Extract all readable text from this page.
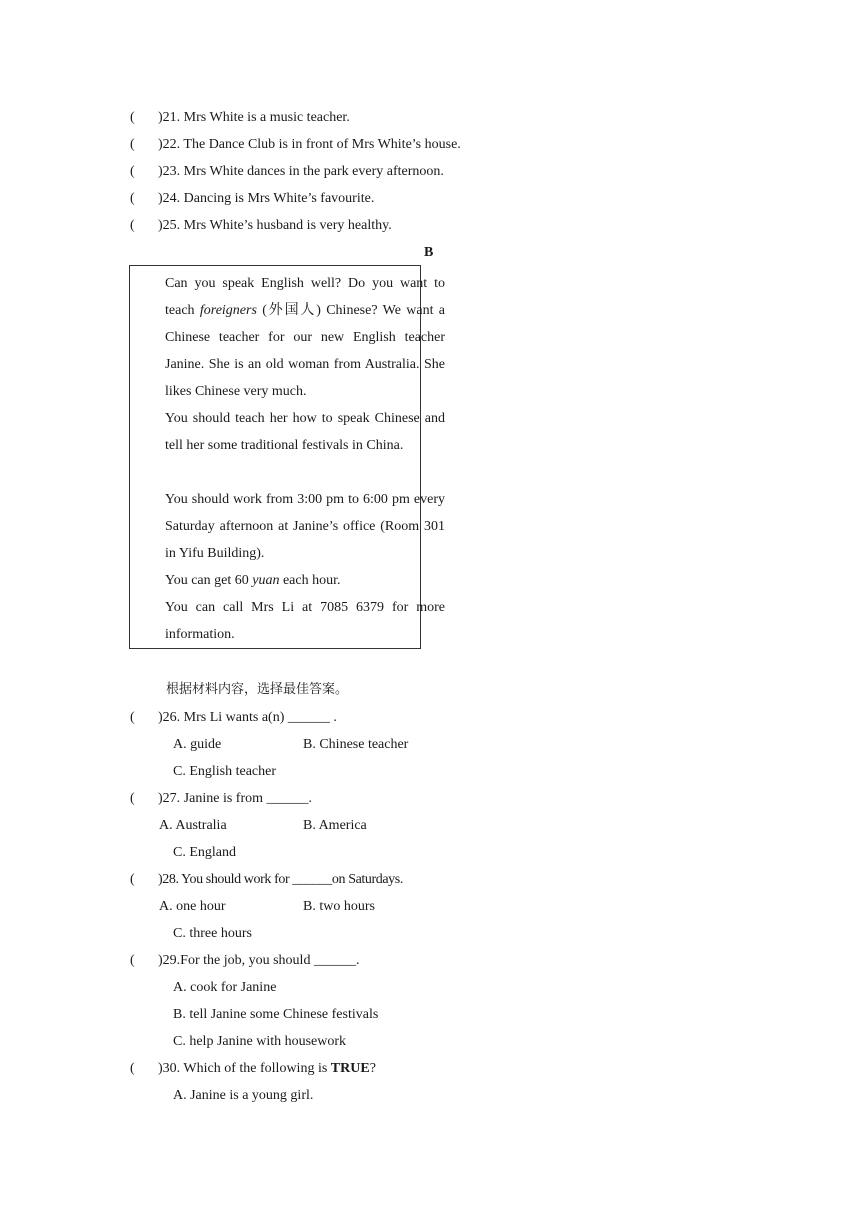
( )21. Mrs White is a music teacher.
( )22. The Dance Club is in front of Mrs White’s house.
( )23. Mrs White dances in the park every afternoon.
( )24. Dancing is Mrs White’s favourite.
( )25. Mrs White’s husband is very healthy.
B

Can you speak English well? Do you want to teach foreigners (外国人) Chinese? We want a Chinese teacher for our new English teacher Janine. She is an old woman from Australia. She likes Chinese very much.

You should teach her how to speak Chinese and tell her some traditional festivals in China.

You should work from 3:00 pm to 6:00 pm every Saturday afternoon at Janine’s office (Room 301 in Yifu Building).

You can get 60 yuan each hour.

You can call Mrs Li at 7085 6379 for more information.

根据材料内容，选择最佳答案。
( )26. Mrs Li wants a(n) ______ .
A. guide	B. Chinese teacher
C. English teacher
( )27. Janine is from ______.
A. Australia	B. America
C. England
( )28. You should work for ______on Saturdays.
A. one hour	B. two hours
C. three hours
( )29.For the job, you should ______.
A. cook for Janine
B. tell Janine some Chinese festivals
C. help Janine with housework
( )30. Which of the following is TRUE?
A. Janine is a young girl.
